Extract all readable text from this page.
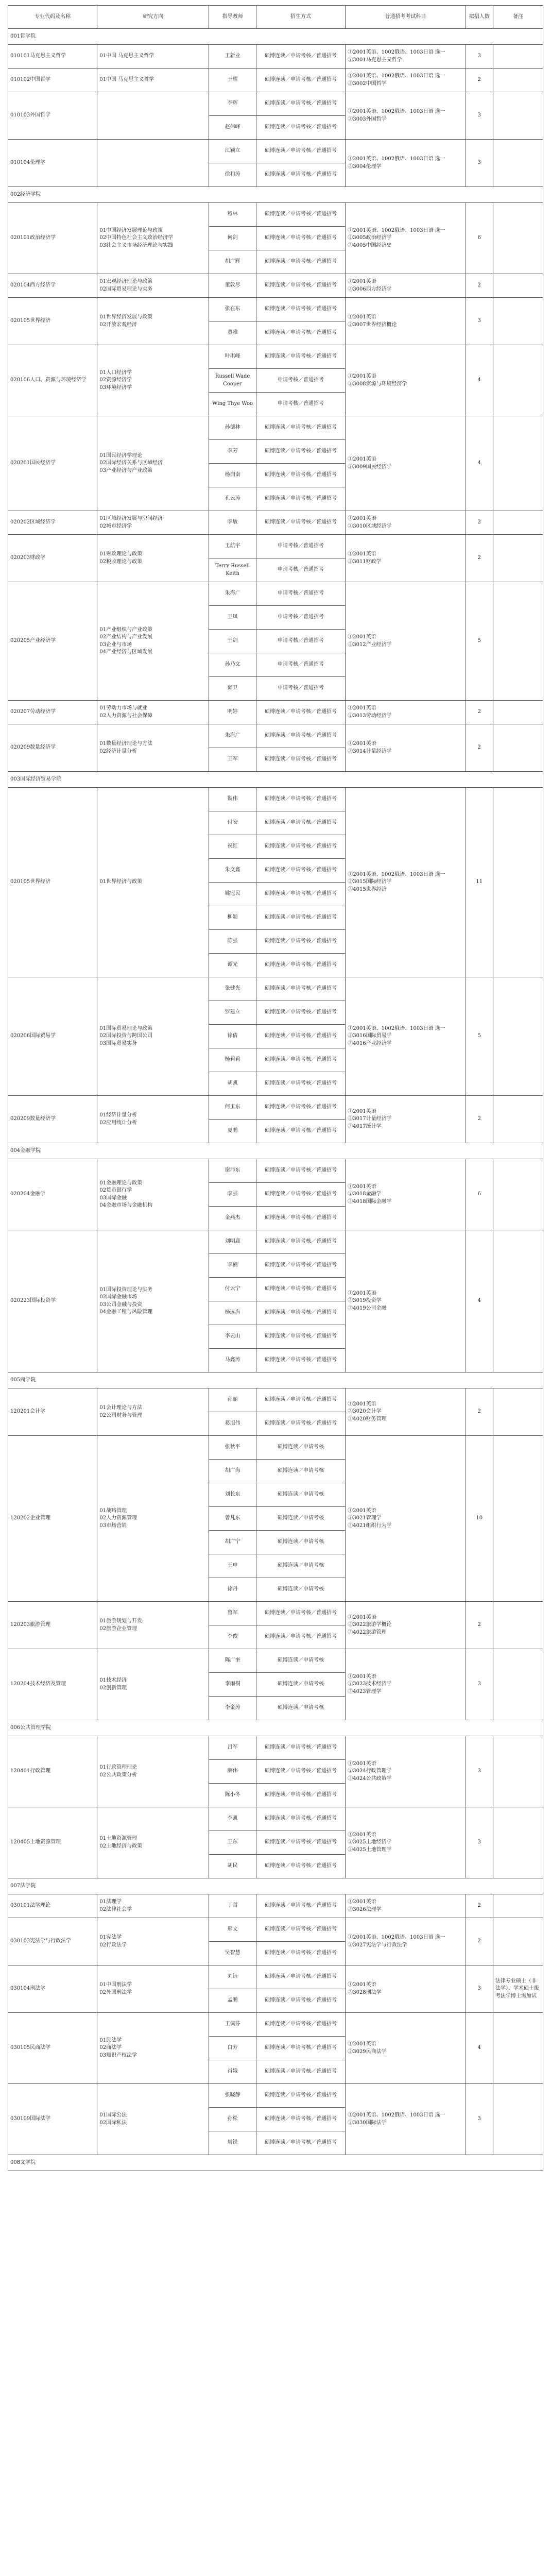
专业代码及名称	研究方向	指导教师	招生方式	普通招考考试科目	拟招人数	备注
001哲学院						
010101马克思主义哲学	01中国 马克思主义哲学	王新业	硕博连读／申请考核／普通招考	①2001英语、1002俄语、1003日语 选一
②3001马克思主义哲学	3	
010102中国哲学	01中国 马克思主义哲学	王耀	硕博连读／申请考核／普通招考	①2001英语、1002俄语、1003日语 选一
②3002中国哲学	2	
010103外国哲学		李辉	硕博连读／申请考核／普通招考	①2001英语、1002俄语、1003日语 选一
②3003外国哲学	3	
		赵伟峰	硕博连读／申请考核／普通招考			
010104伦理学		江颖立	硕博连读／申请考核／普通招考	①2001英语、1002俄语、1003日语 选一
②3004伦理学	3	
		徐和涛	硕博连读／申请考核／普通招考			
002经济学院						
020101政治经济学	01中国经济发展理论与政策
02中国特色社会主义政治经济学
03社会主义市场经济理论与实践	穆林	硕博连读／申请考核／普通招考	①2001英语、1002俄语、1003日语 选一
②3005政治经济学
③4005中国经济史	6	
		何剑	硕博连读／申请考核／普通招考			
		胡广辉	硕博连读／申请考核／普通招考			
020104西方经济学	01宏观经济理论与政策
02国际贸易理论与实务	董敦尽	硕博连读／申请考核／普通招考	①2001英语
②3006西方经济学	2	
020105世界经济	01世界经济发展与政策
02开放宏观经济	张在东	硕博连读／申请考核／普通招考	①2001英语
②3007世界经济概论	3	
		董雅	硕博连读／申请考核／普通招考			
020106人口、资源与环境经济学	01人口经济学
02资源经济学
03环境经济学	叶琪峰	硕博连读／申请考核／普通招考	①2001英语
②3008资源与环境经济学	4	
		Russell Wade Cooper	申请考核／普通招考			
		Wing Thye Woo	申请考核／普通招考			
020201国民经济学	01国民经济学理论
02国际经济关系与区域经济
03产业经济与产业政策	孙德林	硕博连读／申请考核／普通招考	①2001英语
②3009国民经济学	4	
		李芳	硕博连读／申请考核／普通招考			
		杨润南	硕博连读／申请考核／普通招考			
		孔云涛	硕博连读／申请考核／普通招考			
020202区域经济学	01区域经济发展与空间经济
02城市经济学	李敏	硕博连读／申请考核／普通招考	①2001英语
②3010区域经济学	2	
020203财政学	01财政理论与政策
02税收理论与政策	王航宇	申请考核／普通招考	①2001英语
②3011财政学	2	
		Terry Russell Keith	申请考核／普通招考			
020205产业经济学	01产业组织与产业政策
02产业结构与产业发展
03企业与市场
04产业经济与区域发展	朱海广	申请考核／普通招考	①2001英语
②3012产业经济学	5	
		王凤	申请考核／普通招考			
		王剑	申请考核／普通招考			
		孙乃文	申请考核／普通招考			
		邱卫	申请考核／普通招考			
020207劳动经济学	01劳动力市场与就业
02人力资源与社会保障	明婷	硕博连读／申请考核／普通招考	①2001英语
②3013劳动经济学	2	
020209数量经济学	01数量经济理论与方法
02经济计量分析	朱海广	硕博连读／申请考核／普通招考	①2001英语
②3014计量经济学	2	
		王军	硕博连读／申请考核／普通招考			
003国际经济贸易学院						
020105世界经济	01世界经济与政策	魏伟	硕博连读／申请考核／普通招考	①2001英语、1002俄语、1003日语 选一
②3015国际经济学
③4015世界经济	11	
		付安	硕博连读／申请考核／普通招考			
		祝红	硕博连读／申请考核／普通招考			
		朱文鑫	硕博连读／申请考核／普通招考			
		姚冠民	硕博连读／申请考核／普通招考			
		柳颖	硕博连读／申请考核／普通招考			
		陈强	硕博连读／申请考核／普通招考			
		谭光	硕博连读／申请考核／普通招考			
020206国际贸易学	01国际贸易理论与政策
02国际投资与跨国公司
03国际贸易实务	张健光	硕博连读／申请考核／普通招考	①2001英语、1002俄语、1003日语 选一
②3016国际贸易学
③4016产业经济学	5	
		罗建立	硕博连读／申请考核／普通招考			
		徐倩	硕博连读／申请考核／普通招考			
		杨莉莉	硕博连读／申请考核／普通招考			
		胡凯	硕博连读／申请考核／普通招考			
020209数量经济学	01经济计量分析
02应用统计分析	何玉东	硕博连读／申请考核／普通招考	①2001英语
②3017计量经济学
③4017统计学	2	
		夏鹏	硕博连读／申请考核／普通招考			
004金融学院						
020204金融学	01金融理论与政策
02货币银行学
03国际金融
04金融市场与金融机构	谢沛东	硕博连读／申请考核／普通招考	①2001英语
②3018金融学
③4018国际金融学	6	
		李强	硕博连读／申请考核／普通招考			
		金燕杰	硕博连读／申请考核／普通招考			
020223国际投资学	01国际投资理论与实务
02国际金融市场
03公司金融与投资
04金融工程与风险管理	刘明鹿	硕博连读／申请考核／普通招考	①2001英语
②3019投资学
③4019公司金融	4	
		李楠	硕博连读／申请考核／普通招考			
		付云宁	硕博连读／申请考核／普通招考			
		杨远海	硕博连读／申请考核／普通招考			
		李云山	硕博连读／申请考核／普通招考			
		马鑫涛	硕博连读／申请考核／普通招考			
005商学院						
120201会计学	01会计理论与方法
02公司财务与管理	孙丽	硕博连读／申请考核／普通招考	①2001英语
②3020会计学
③4020财务管理	2	
		葛旭伟	硕博连读／申请考核／普通招考			
120202企业管理	01战略管理
02人力资源管理
03市场营销	张秋平	硕博连读／申请考核	①2001英语
②3021管理学
③4021组织行为学	10	
		胡广海	硕博连读／申请考核			
		刘长东	硕博连读／申请考核			
		曾凡东	硕博连读／申请考核			
		胡广宁	硕博连读／申请考核			
		王申	硕博连读／申请考核			
		徐丹	硕博连读／申请考核			
120203旅游管理	01旅游规划与开发
02旅游企业管理	鲁军	硕博连读／申请考核／普通招考	①2001英语
②3022旅游学概论
③4022旅游管理	2	
		李俊	硕博连读／申请考核／普通招考			
120204技术经济及管理	01技术经济
02创新管理	陈广奎	硕博连读／申请考核	①2001英语
②3023技术经济学
③4023管理学	3	
		李雨桐	硕博连读／申请考核			
		李金涛	硕博连读／申请考核			
006公共管理学院						
120401行政管理	01行政管理理论
02公共政策分析	吕军	硕博连读／申请考核／普通招考	①2001英语
②3024行政管理学
③4024公共政策学	3	
		薛伟	硕博连读／申请考核／普通招考			
		陈小冬	硕博连读／申请考核／普通招考			
120405土地资源管理	01土地资源管理
02土地经济与政策	李凯	硕博连读／申请考核／普通招考	①2001英语
②3025土地经济学
③4025土地管理学	3	
		王东	硕博连读／申请考核／普通招考			
		胡民	硕博连读／申请考核／普通招考			
007法学院						
030101法学理论	01法理学
02法律社会学	丁哲	硕博连读／申请考核／普通招考	①2001英语
②3026法理学	2	
030103宪法学与行政法学	01宪法学
02行政法学	邢文	硕博连读／申请考核／普通招考	①2001英语、1002俄语、1003日语 选一
②3027宪法学与行政法学	2	
		吴智慧	硕博连读／申请考核／普通招考			
030104刑法学	01中国刑法学
02外国刑法学	刘钰	硕博连读／申请考核／普通招考	①2001英语
②3028刑法学	3	法律专业硕士（非法学）、学术硕士报考法学博士需加试
		孟鹏	硕博连读／申请考核／普通招考			
030105民商法学	01民法学
02商法学
03知识产权法学	王佩芬	硕博连读／申请考核／普通招考	①2001英语
②3029民商法学	4	
		白芳	硕博连读／申请考核／普通招考			
		肖娥	硕博连读／申请考核／普通招考			
030109国际法学	01国际公法
02国际私法	张晓静	硕博连读／申请考核／普通招考	①2001英语、1002俄语、1003日语 选一
②3030国际法学	3	
		孙松	硕博连读／申请考核／普通招考			
		周锐	硕博连读／申请考核／普通招考			
008文学院						
